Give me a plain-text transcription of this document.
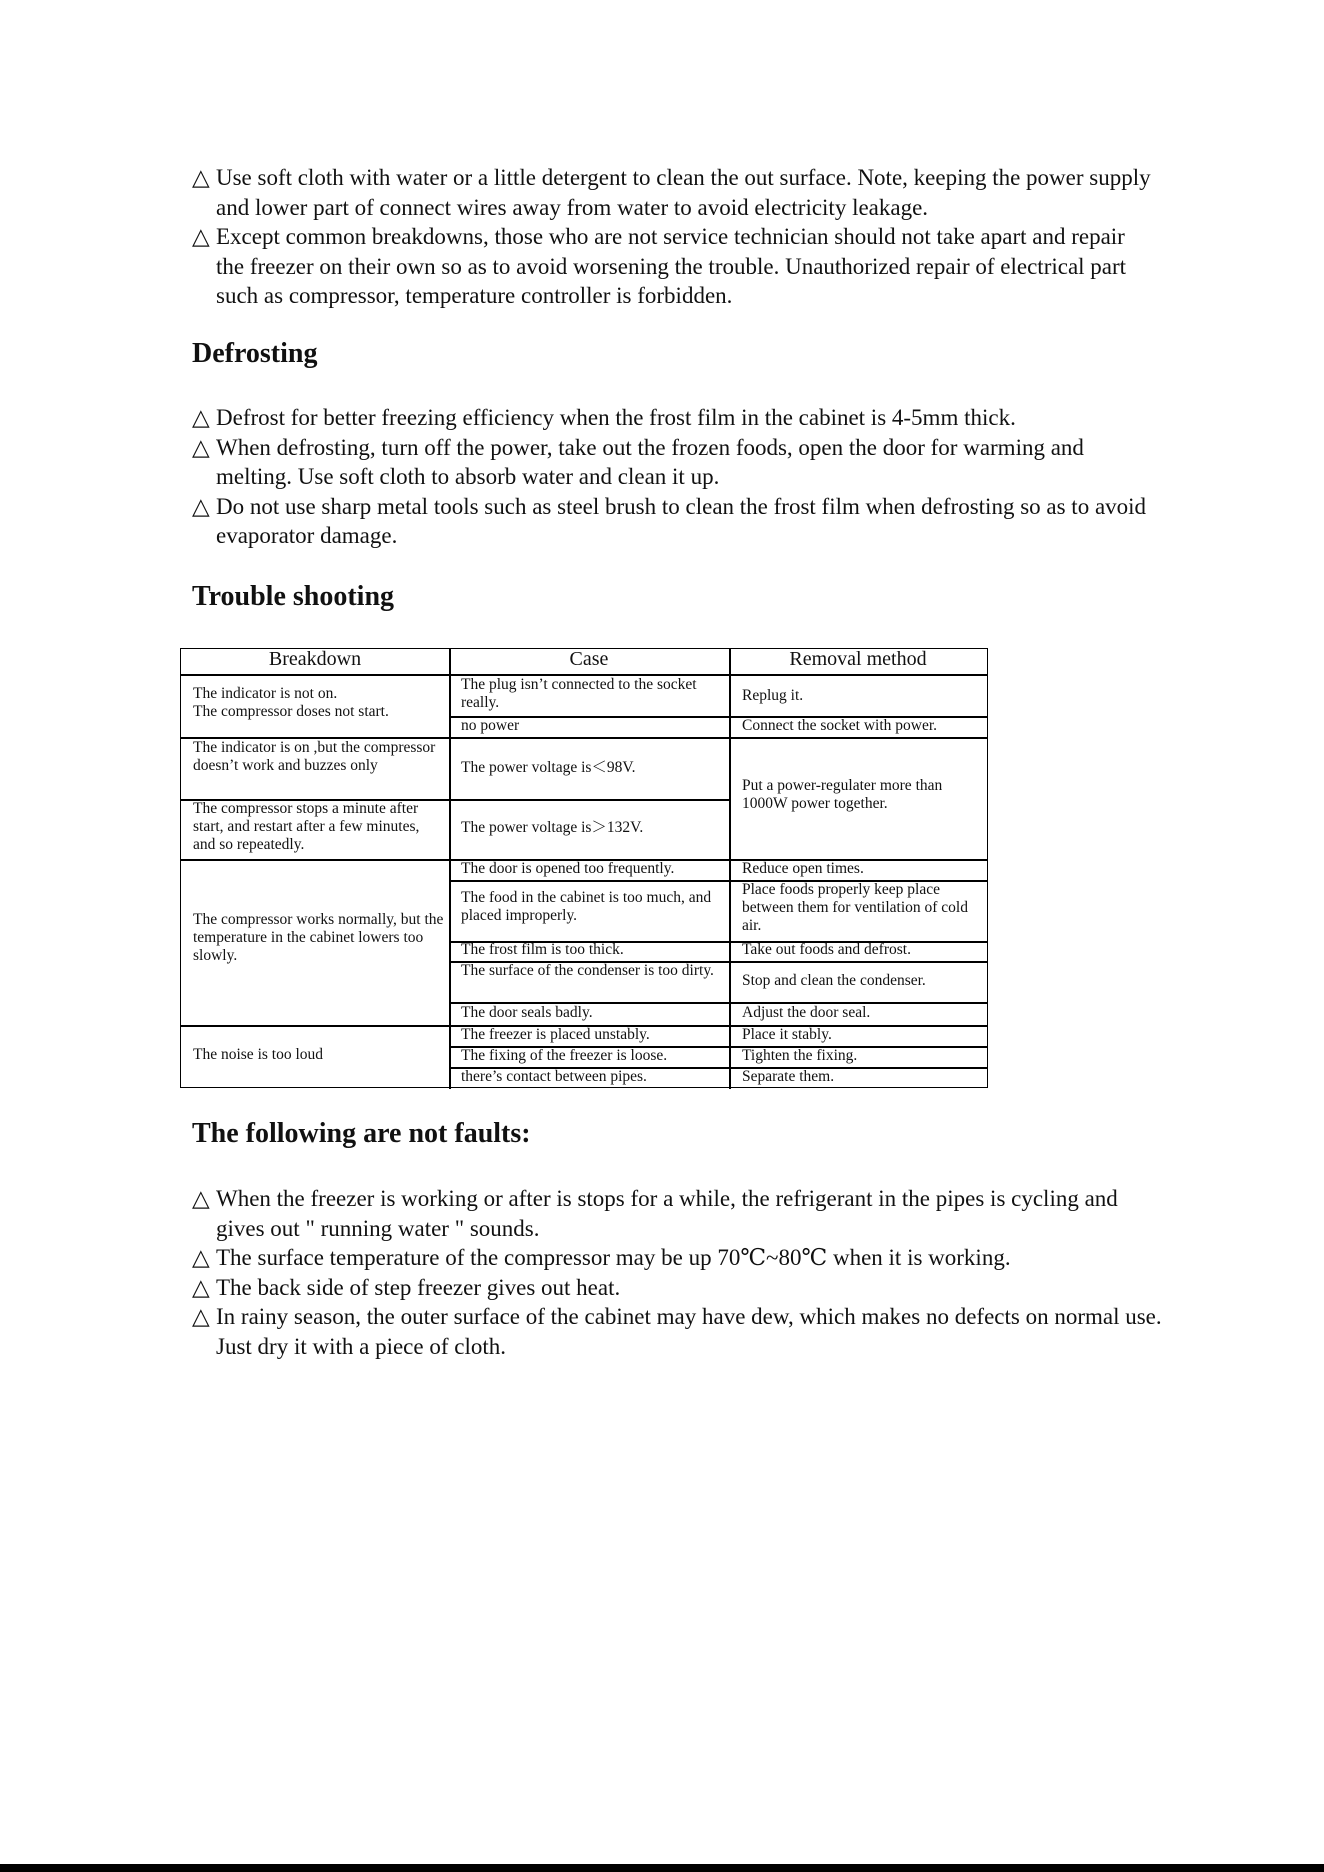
△ Use soft cloth with water or a little detergent to clean the out surface. Note, keeping the power supply and lower part of connect wires away from water to avoid electricity leakage.

△ Except common breakdowns, those who are not service technician should not take apart and repair the freezer on their own so as to avoid worsening the trouble. Unauthorized repair of electrical part such as compressor, temperature controller is forbidden.

Defrosting

△ Defrost for better freezing efficiency when the frost film in the cabinet is 4-5mm thick.

△ When defrosting, turn off the power, take out the frozen foods, open the door for warming and melting. Use soft cloth to absorb water and clean it up.

△ Do not use sharp metal tools such as steel brush to clean the frost film when defrosting so as to avoid evaporator damage.

Trouble shooting
Breakdown	Case	Removal method
The indicator is not on.
The compressor doses not start.
The indicator is on ,but the compressor doesn’t work and buzzes only
The compressor stops a minute after start, and restart after a few minutes, and so repeatedly.
The compressor works normally, but the temperature in the cabinet lowers too slowly.
The noise is too loud
The plug isn’t connected to the socket really.
no power
The power voltage is＜98V.
The power voltage is＞132V.
The door is opened too frequently.
The food in the cabinet is too much, and placed improperly.
The frost film is too thick.
The surface of the condenser is too dirty.
The door seals badly.
The freezer is placed unstably.
The fixing of the freezer is loose.
there’s contact between pipes.
Replug it.
Connect the socket with power.
Put a power-regulater more than 1000W power together.
Reduce open times.
Place foods properly keep place between them for ventilation of cold air.
Take out foods and defrost.
Stop and clean the condenser.
Adjust the door seal.
Place it stably.
Tighten the fixing.
Separate them.
The following are not faults:

△ When the freezer is working or after is stops for a while, the refrigerant in the pipes is cycling and gives out " running water " sounds.

△ The surface temperature of the compressor may be up 70℃~80℃ when it is working.

△ The back side of step freezer gives out heat.

△ In rainy season, the outer surface of the cabinet may have dew, which makes no defects on normal use. Just dry it with a piece of cloth.
